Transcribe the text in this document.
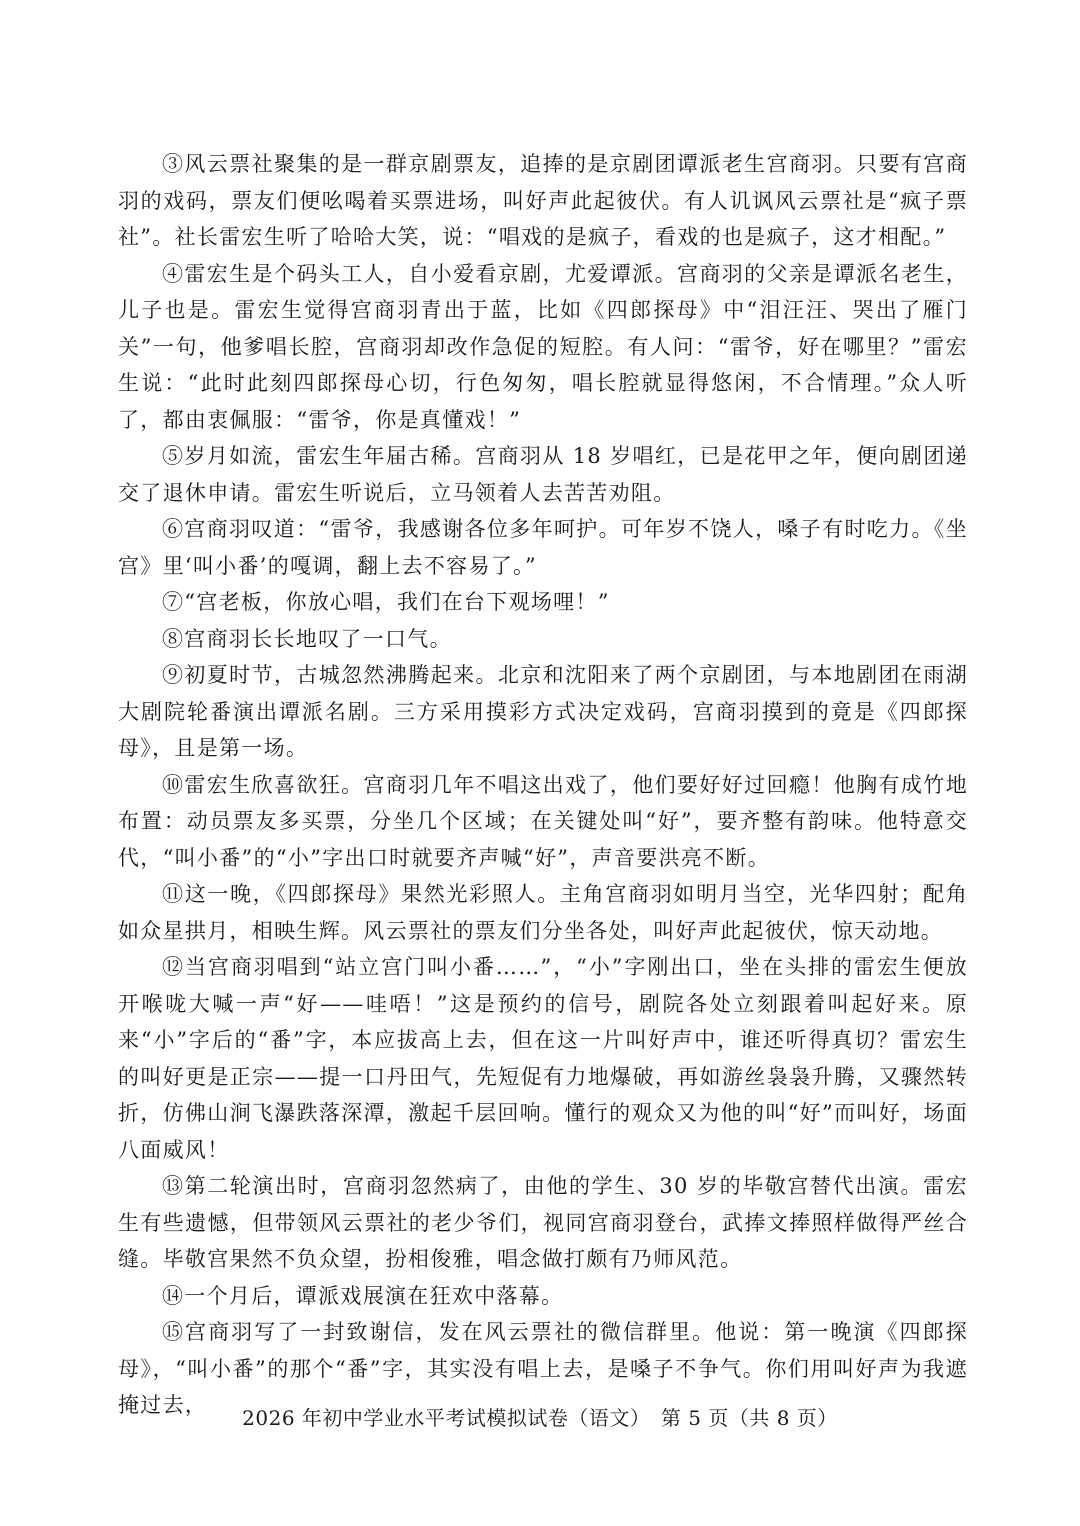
③风云票社聚集的是一群京剧票友，追捧的是京剧团谭派老生宫商羽。只要有宫商羽的戏码，票友们便吆喝着买票进场，叫好声此起彼伏。有人讥讽风云票社是“疯子票社”。社长雷宏生听了哈哈大笑，说：“唱戏的是疯子，看戏的也是疯子，这才相配。”

④雷宏生是个码头工人，自小爱看京剧，尤爱谭派。宫商羽的父亲是谭派名老生，儿子也是。雷宏生觉得宫商羽青出于蓝，比如《四郎探母》中“泪汪汪、哭出了雁门关”一句，他爹唱长腔，宫商羽却改作急促的短腔。有人问：“雷爷，好在哪里？”雷宏生说：“此时此刻四郎探母心切，行色匆匆，唱长腔就显得悠闲，不合情理。”众人听了，都由衷佩服：“雷爷，你是真懂戏！”

⑤岁月如流，雷宏生年届古稀。宫商羽从 18 岁唱红，已是花甲之年，便向剧团递交了退休申请。雷宏生听说后，立马领着人去苦苦劝阻。

⑥宫商羽叹道：“雷爷，我感谢各位多年呵护。可年岁不饶人，嗓子有时吃力。《坐宫》里‘叫小番’的嘎调，翻上去不容易了。”

⑦“宫老板，你放心唱，我们在台下观场哩！”

⑧宫商羽长长地叹了一口气。

⑨初夏时节，古城忽然沸腾起来。北京和沈阳来了两个京剧团，与本地剧团在雨湖大剧院轮番演出谭派名剧。三方采用摸彩方式决定戏码，宫商羽摸到的竟是《四郎探母》，且是第一场。

⑩雷宏生欣喜欲狂。宫商羽几年不唱这出戏了，他们要好好过回瘾！他胸有成竹地布置：动员票友多买票，分坐几个区域；在关键处叫“好”，要齐整有韵味。他特意交代，“叫小番”的“小”字出口时就要齐声喊“好”，声音要洪亮不断。

⑪这一晚，《四郎探母》果然光彩照人。主角宫商羽如明月当空，光华四射；配角如众星拱月，相映生辉。风云票社的票友们分坐各处，叫好声此起彼伏，惊天动地。

⑫当宫商羽唱到“站立宫门叫小番……”，“小”字刚出口，坐在头排的雷宏生便放开喉咙大喊一声“好——哇唔！”这是预约的信号，剧院各处立刻跟着叫起好来。原来“小”字后的“番”字，本应拔高上去，但在这一片叫好声中，谁还听得真切？雷宏生的叫好更是正宗——提一口丹田气，先短促有力地爆破，再如游丝袅袅升腾，又骤然转折，仿佛山涧飞瀑跌落深潭，激起千层回响。懂行的观众又为他的叫“好”而叫好，场面八面威风！

⑬第二轮演出时，宫商羽忽然病了，由他的学生、30 岁的毕敬宫替代出演。雷宏生有些遗憾，但带领风云票社的老少爷们，视同宫商羽登台，武捧文捧照样做得严丝合缝。毕敬宫果然不负众望，扮相俊雅，唱念做打颇有乃师风范。

⑭一个月后，谭派戏展演在狂欢中落幕。

⑮宫商羽写了一封致谢信，发在风云票社的微信群里。他说：第一晚演《四郎探母》，“叫小番”的那个“番”字，其实没有唱上去，是嗓子不争气。你们用叫好声为我遮掩过去，

2026 年初中学业水平考试模拟试卷（语文）　第 5 页（共 8 页）
